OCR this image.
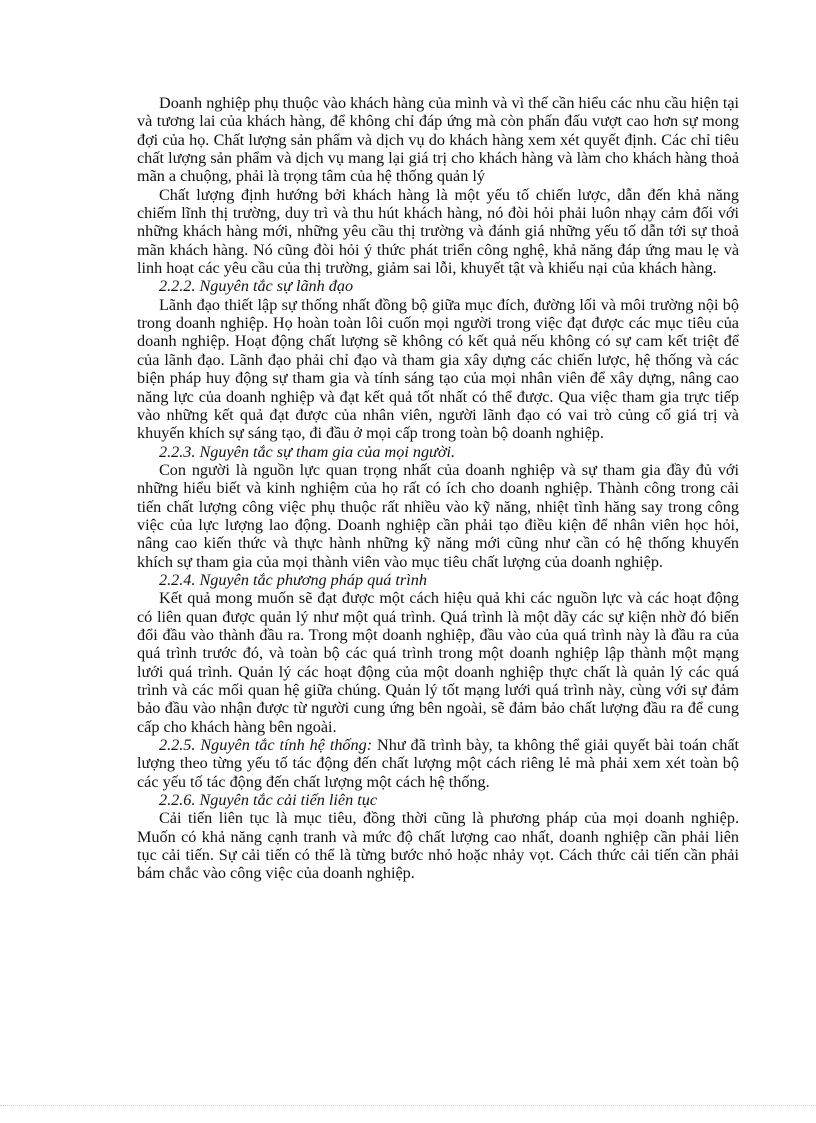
Doanh nghiệp phụ thuộc vào khách hàng của mình và vì thế cần hiểu các nhu cầu hiện tại và tương lai của khách hàng, để không chỉ đáp ứng mà còn phấn đấu vượt cao hơn sự mong đợi của họ. Chất lượng sản phẩm và dịch vụ do khách hàng xem xét quyết định. Các chỉ tiêu chất lượng sản phẩm và dịch vụ mang lại giá trị cho khách hàng và làm cho khách hàng thoả mãn a chuộng, phải là trọng tâm của hệ thống quản lý

Chất lượng định hướng bởi khách hàng là một yếu tố chiến lược, dẫn đến khả năng chiếm lĩnh thị trường, duy trì và thu hút khách hàng, nó đòi hỏi phải luôn nhạy cảm đối với những khách hàng mới, những yêu cầu thị trường và đánh giá những yếu tố dẫn tới sự thoả mãn khách hàng. Nó cũng đòi hỏi ý thức phát triển công nghệ, khả năng đáp ứng mau lẹ và linh hoạt các yêu cầu của thị trường, giảm sai lỗi, khuyết tật và khiếu nại của khách hàng.

2.2.2. Nguyên tắc sự lãnh đạo

Lãnh đạo thiết lập sự thống nhất đồng bộ giữa mục đích, đường lối và môi trường nội bộ trong doanh nghiệp. Họ hoàn toàn lôi cuốn mọi người trong việc đạt được các mục tiêu của doanh nghiệp. Hoạt động chất lượng sẽ không có kết quả nếu không có sự cam kết triệt để của lãnh đạo. Lãnh đạo phải chỉ đạo và tham gia xây dựng các chiến lược, hệ thống và các biện pháp huy động sự tham gia và tính sáng tạo của mọi nhân viên để xây dựng, nâng cao năng lực của doanh nghiệp và đạt kết quả tốt nhất có thể được. Qua việc tham gia trực tiếp vào những kết quả đạt được của nhân viên, người lãnh đạo có vai trò củng cố giá trị và khuyến khích sự sáng tạo, đi đầu ở mọi cấp trong toàn bộ doanh nghiệp.

2.2.3. Nguyên tắc sự tham gia của mọi người.

Con người là nguồn lực quan trọng nhất của doanh nghiệp và sự tham gia đầy đủ với những hiểu biết và kinh nghiệm của họ rất có ích cho doanh nghiệp. Thành công trong cải tiến chất lượng công việc phụ thuộc rất nhiều vào kỹ năng, nhiệt tình hăng say trong công việc của lực lượng lao động. Doanh nghiệp cần phải tạo điều kiện để nhân viên học hỏi, nâng cao kiến thức và thực hành những kỹ năng mới cũng như cần có hệ thống khuyến khích sự tham gia của mọi thành viên vào mục tiêu chất lượng của doanh nghiệp.

2.2.4. Nguyên tắc phương pháp quá trình

Kết quả mong muốn sẽ đạt được một cách hiệu quả khi các nguồn lực và các hoạt động có liên quan được quản lý như một quá trình. Quá trình là một dãy các sự kiện nhờ đó biến đổi đầu vào thành đầu ra. Trong một doanh nghiệp, đầu vào của quá trình này là đầu ra của quá trình trước đó, và toàn bộ các quá trình trong một doanh nghiệp lập thành một mạng lưới quá trình. Quản lý các hoạt động của một doanh nghiệp thực chất là quản lý các quá trình và các mối quan hệ giữa chúng. Quản lý tốt mạng lưới quá trình này, cùng với sự đảm bảo đầu vào nhận được từ người cung ứng bên ngoài, sẽ đảm bảo chất lượng đầu ra để cung cấp cho khách hàng bên ngoài.

2.2.5. Nguyên tắc tính hệ thống: Như đã trình bày, ta không thể giải quyết bài toán chất lượng theo từng yếu tố tác động đến chất lượng một cách riêng lẻ mà phải xem xét toàn bộ các yếu tố tác động đến chất lượng một cách hệ thống.

2.2.6. Nguyên tắc cải tiến liên tục

Cải tiến liên tục là mục tiêu, đồng thời cũng là phương pháp của mọi doanh nghiệp. Muốn có khả năng cạnh tranh và mức độ chất lượng cao nhất, doanh nghiệp cần phải liên tục cải tiến. Sự cải tiến có thể là từng bước nhỏ hoặc nhảy vọt. Cách thức cải tiến cần phải bám chắc vào công việc của doanh nghiệp.
